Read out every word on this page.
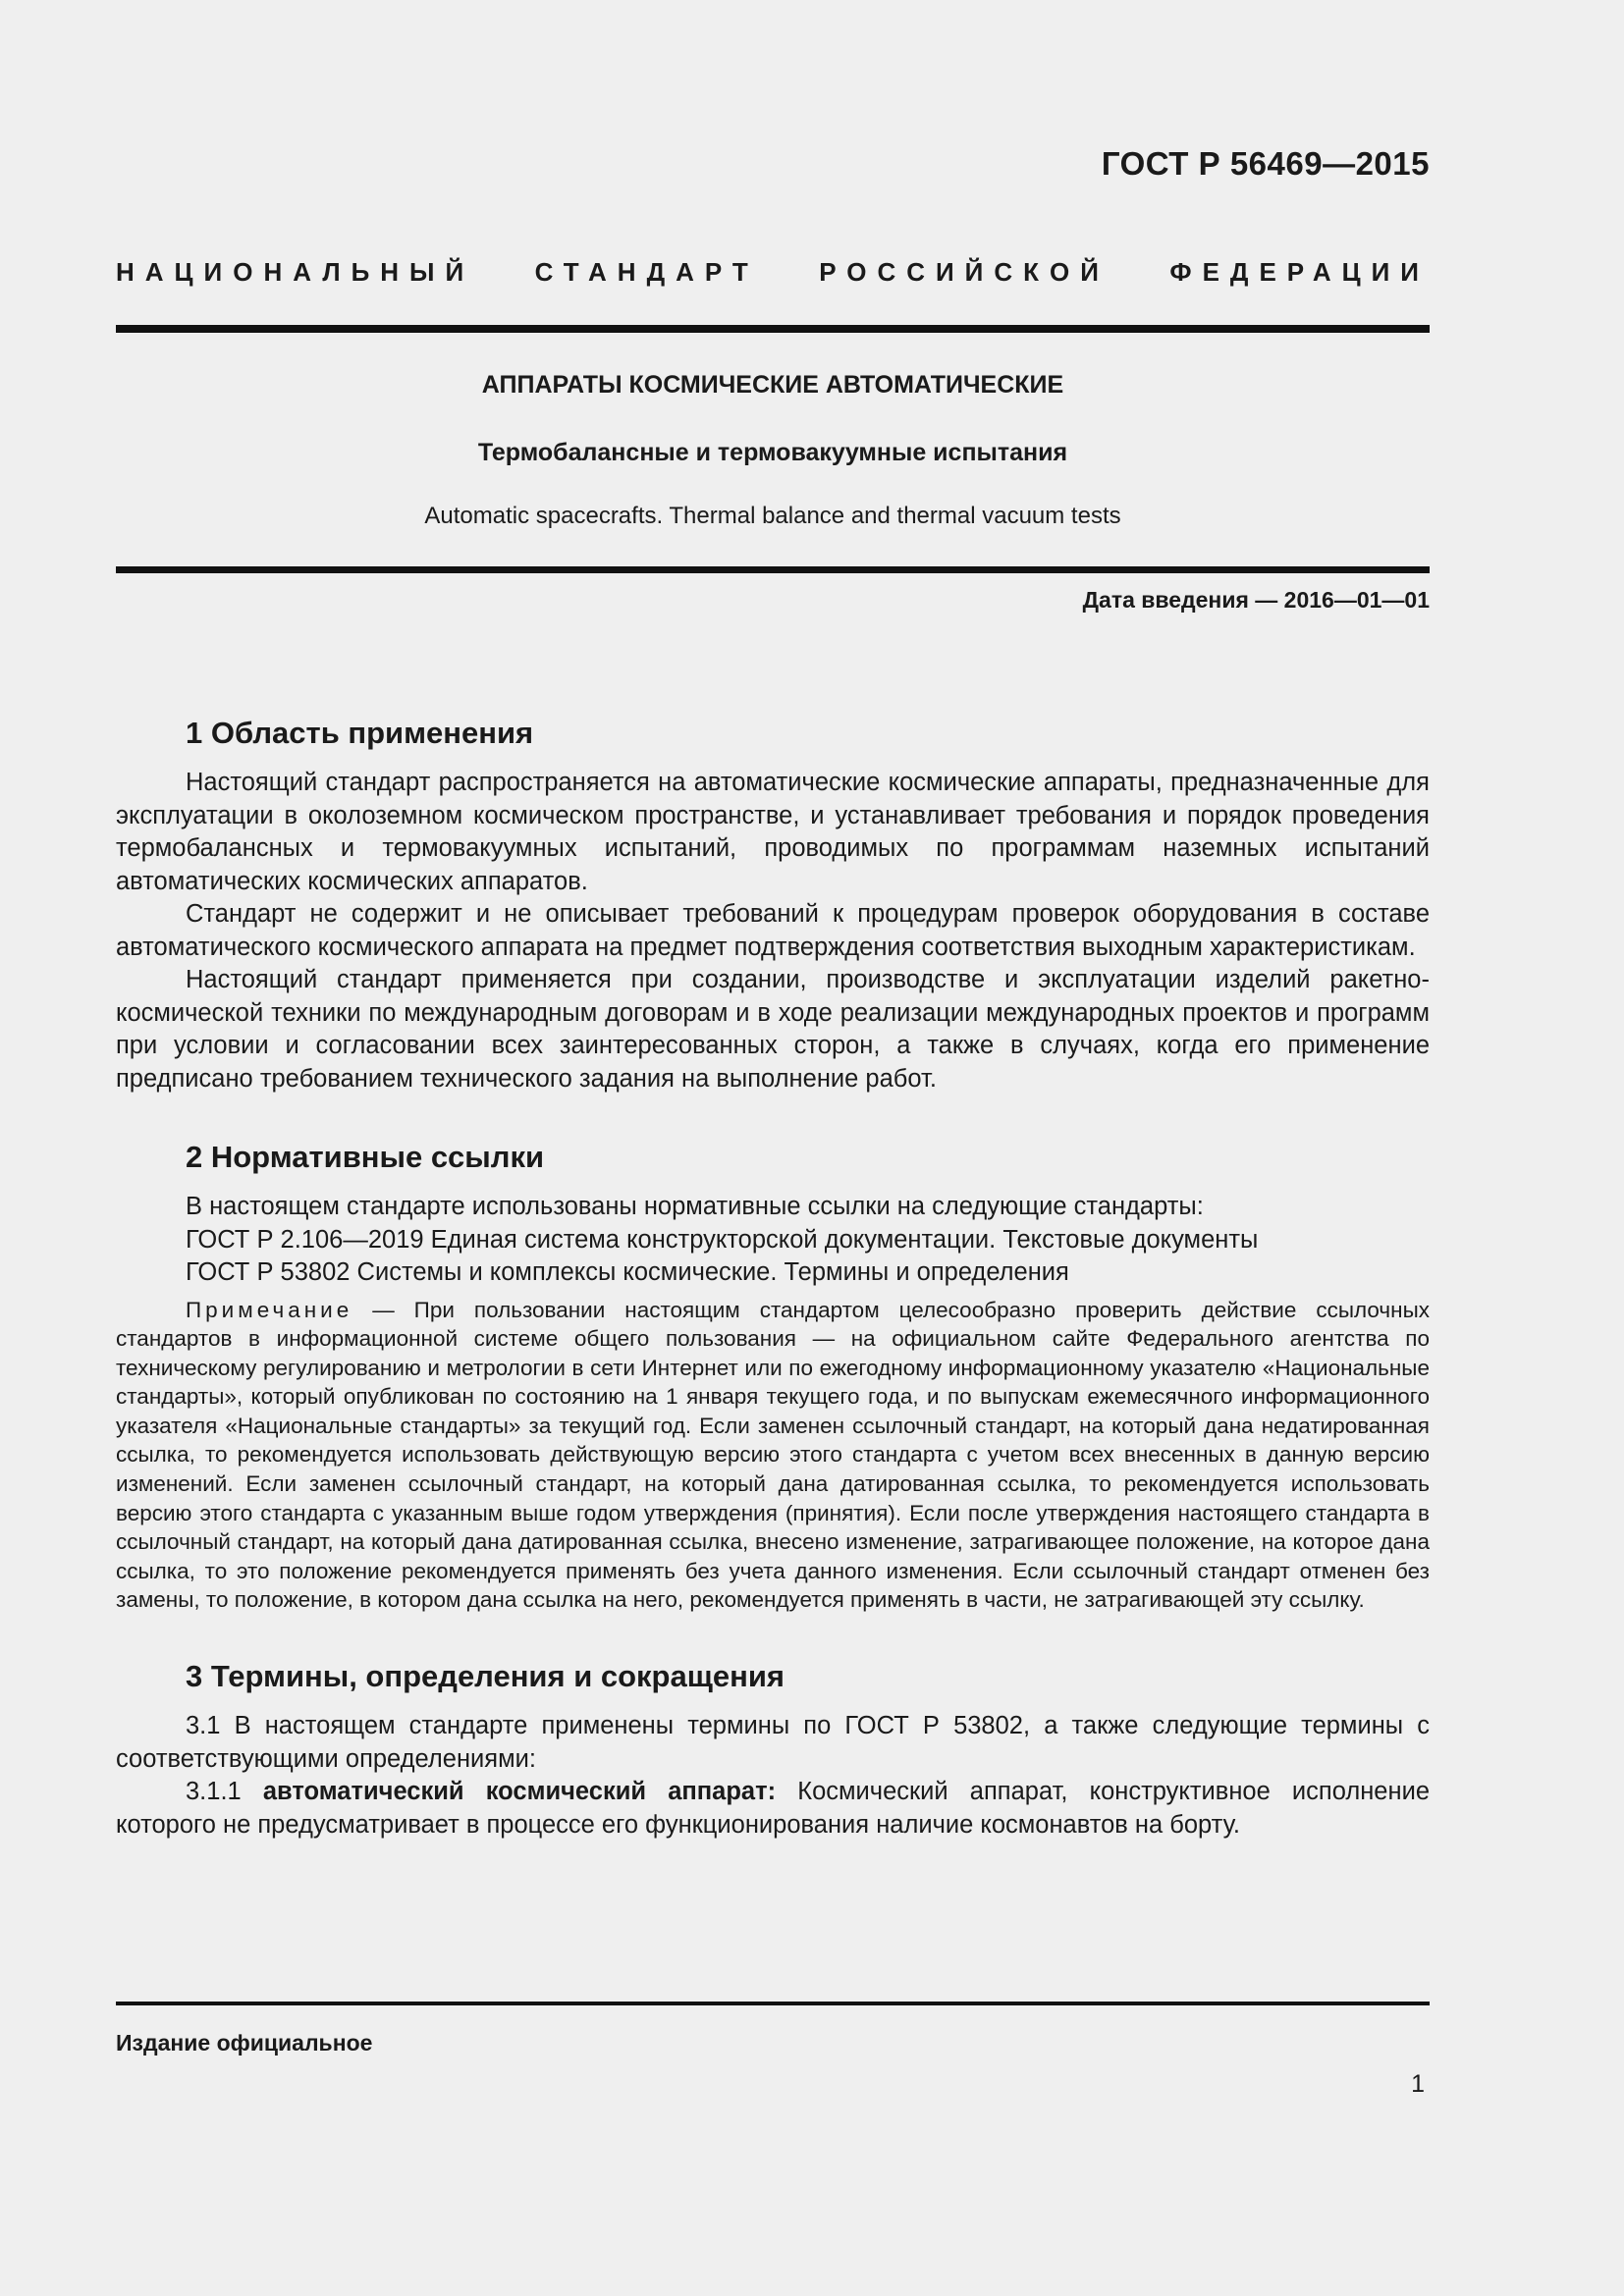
ГОСТ Р 56469—2015
НАЦИОНАЛЬНЫЙ СТАНДАРТ РОССИЙСКОЙ ФЕДЕРАЦИИ
АППАРАТЫ КОСМИЧЕСКИЕ АВТОМАТИЧЕСКИЕ
Термобалансные и термовакуумные испытания
Automatic spacecrafts. Thermal balance and thermal vacuum tests
Дата введения — 2016—01—01
1 Область применения

Настоящий стандарт распространяется на автоматические космические аппараты, предназначенные для эксплуатации в околоземном космическом пространстве, и устанавливает требования и порядок проведения термобалансных и термовакуумных испытаний, проводимых по программам наземных испытаний автоматических космических аппаратов.

Стандарт не содержит и не описывает требований к процедурам проверок оборудования в составе автоматического космического аппарата на предмет подтверждения соответствия выходным характеристикам.

Настоящий стандарт применяется при создании, производстве и эксплуатации изделий ракетно-космической техники по международным договорам и в ходе реализации международных проектов и программ при условии и согласовании всех заинтересованных сторон, а также в случаях, когда его применение предписано требованием технического задания на выполнение работ.

2 Нормативные ссылки

В настоящем стандарте использованы нормативные ссылки на следующие стандарты:

ГОСТ Р 2.106—2019 Единая система конструкторской документации. Текстовые документы

ГОСТ Р 53802 Системы и комплексы космические. Термины и определения

Примечание — При пользовании настоящим стандартом целесообразно проверить действие ссылочных стандартов в информационной системе общего пользования — на официальном сайте Федерального агентства по техническому регулированию и метрологии в сети Интернет или по ежегодному информационному указателю «Национальные стандарты», который опубликован по состоянию на 1 января текущего года, и по выпускам ежемесячного информационного указателя «Национальные стандарты» за текущий год. Если заменен ссылочный стандарт, на который дана недатированная ссылка, то рекомендуется использовать действующую версию этого стандарта с учетом всех внесенных в данную версию изменений. Если заменен ссылочный стандарт, на который дана датированная ссылка, то рекомендуется использовать версию этого стандарта с указанным выше годом утверждения (принятия). Если после утверждения настоящего стандарта в ссылочный стандарт, на который дана датированная ссылка, внесено изменение, затрагивающее положение, на которое дана ссылка, то это положение рекомендуется применять без учета данного изменения. Если ссылочный стандарт отменен без замены, то положение, в котором дана ссылка на него, рекомендуется применять в части, не затрагивающей эту ссылку.

3 Термины, определения и сокращения

3.1 В настоящем стандарте применены термины по ГОСТ Р 53802, а также следующие термины с соответствующими определениями:

3.1.1 автоматический космический аппарат: Космический аппарат, конструктивное исполнение которого не предусматривает в процессе его функционирования наличие космонавтов на борту.

Издание официальное
1
